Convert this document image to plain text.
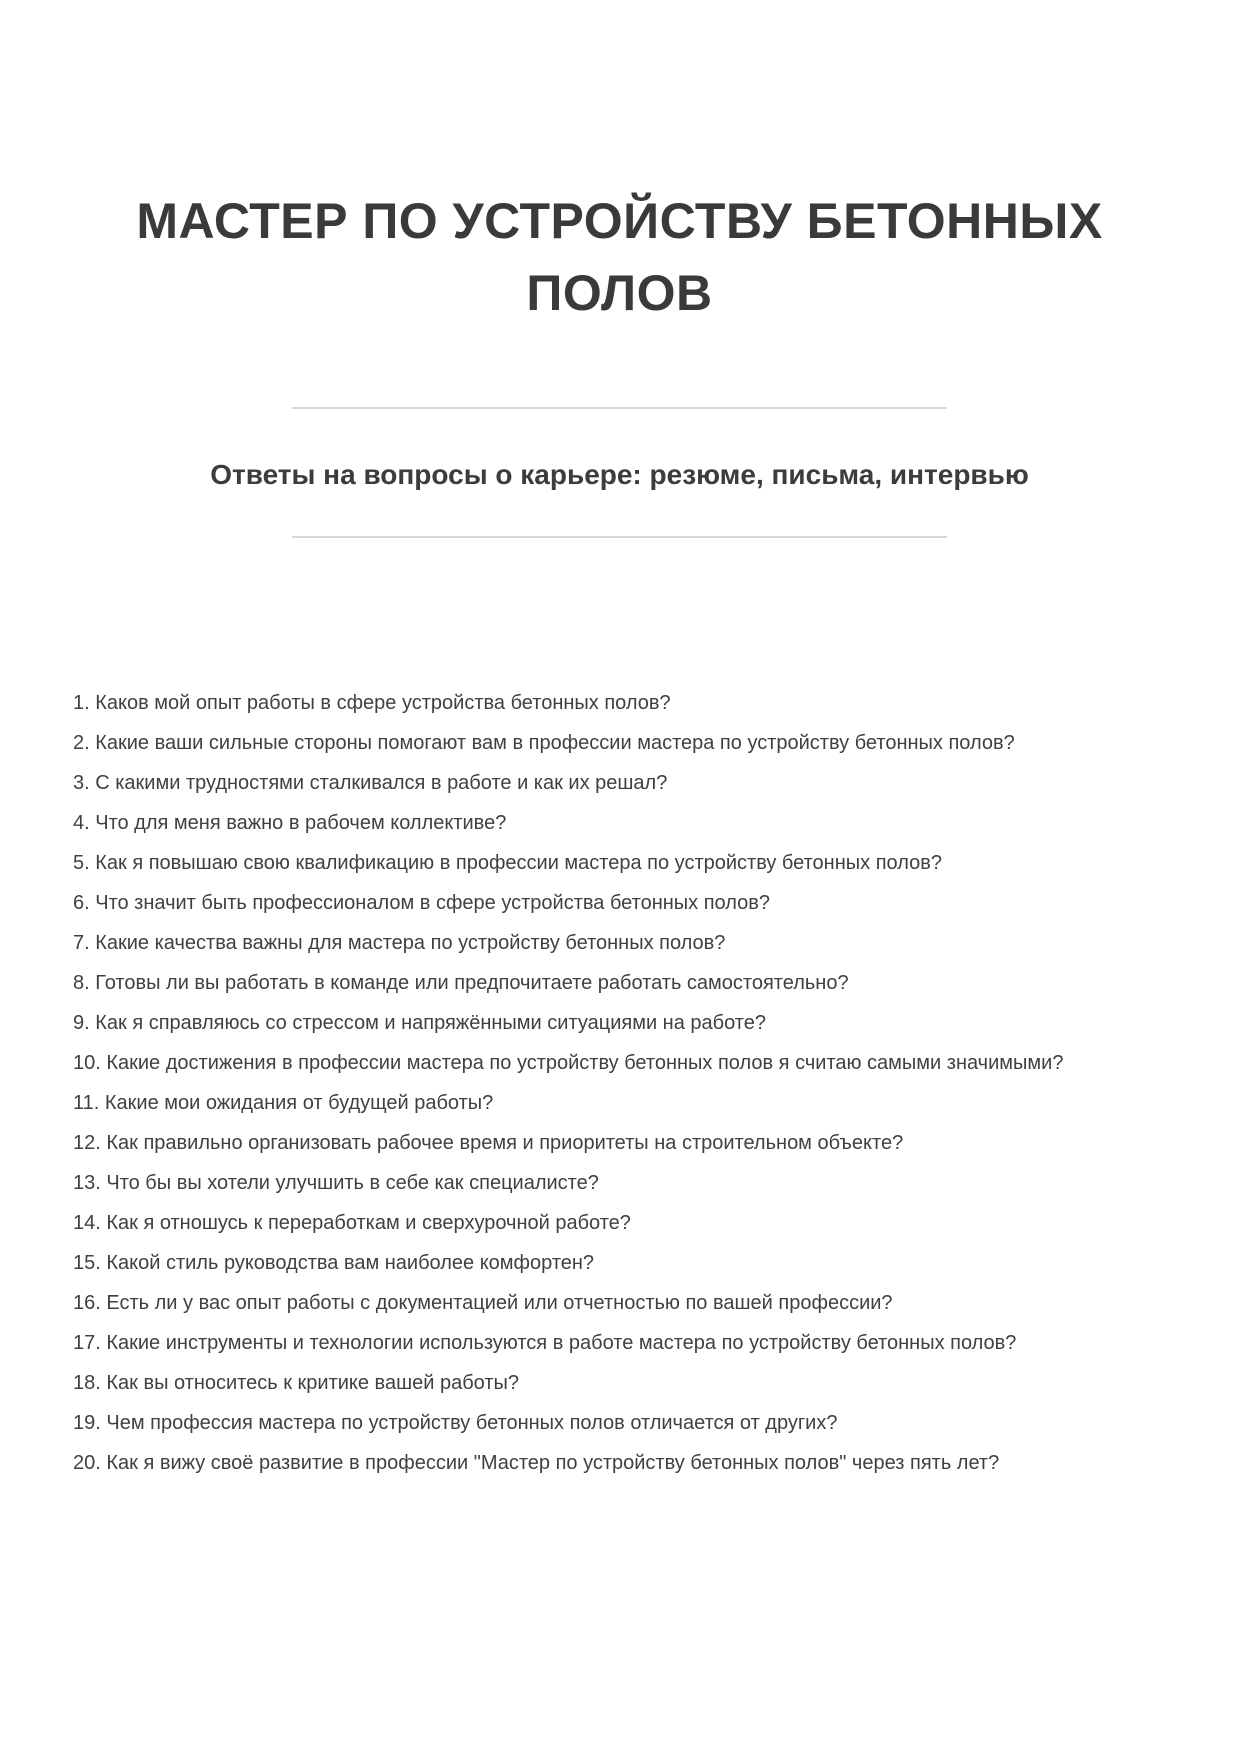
МАСТЕР ПО УСТРОЙСТВУ БЕТОННЫХ ПОЛОВ
Ответы на вопросы о карьере: резюме, письма, интервью

1. Каков мой опыт работы в сфере устройства бетонных полов?

2. Какие ваши сильные стороны помогают вам в профессии мастера по устройству бетонных полов?

3. С какими трудностями сталкивался в работе и как их решал?

4. Что для меня важно в рабочем коллективе?

5. Как я повышаю свою квалификацию в профессии мастера по устройству бетонных полов?

6. Что значит быть профессионалом в сфере устройства бетонных полов?

7. Какие качества важны для мастера по устройству бетонных полов?

8. Готовы ли вы работать в команде или предпочитаете работать самостоятельно?

9. Как я справляюсь со стрессом и напряжёнными ситуациями на работе?

10. Какие достижения в профессии мастера по устройству бетонных полов я считаю самыми значимыми?

11. Какие мои ожидания от будущей работы?

12. Как правильно организовать рабочее время и приоритеты на строительном объекте?

13. Что бы вы хотели улучшить в себе как специалисте?

14. Как я отношусь к переработкам и сверхурочной работе?

15. Какой стиль руководства вам наиболее комфортен?

16. Есть ли у вас опыт работы с документацией или отчетностью по вашей профессии?

17. Какие инструменты и технологии используются в работе мастера по устройству бетонных полов?

18. Как вы относитесь к критике вашей работы?

19. Чем профессия мастера по устройству бетонных полов отличается от других?

20. Как я вижу своё развитие в профессии "Мастер по устройству бетонных полов" через пять лет?
